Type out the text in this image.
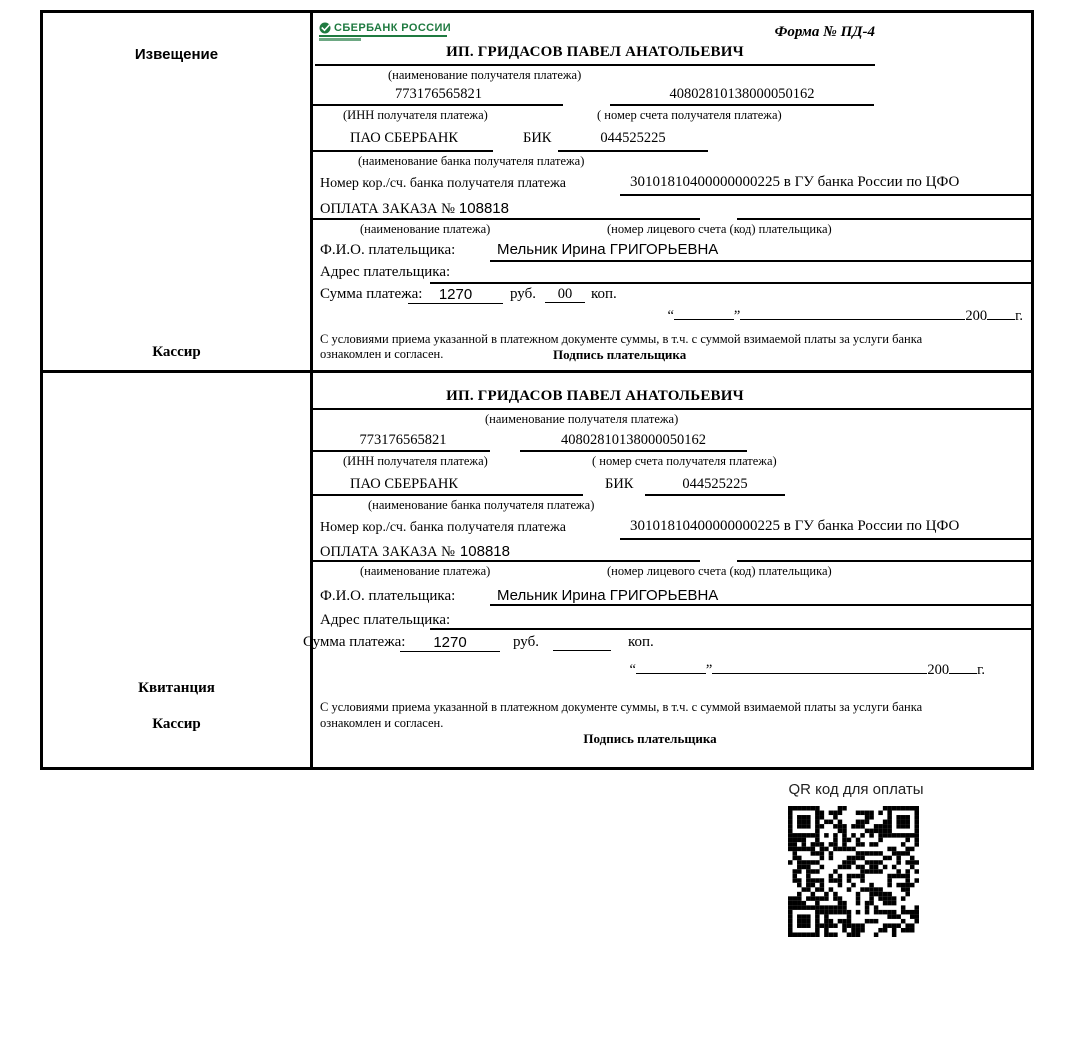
Извещение
Кассир
Квитанция
Кассир
СБЕРБАНК РОССИИ	Форма № ПД-4
ИП. ГРИДАСОВ ПАВЕЛ АНАТОЛЬЕВИЧ
(наименование получателя платежа)
773176565821	40802810138000050162
(ИНН получателя платежа)	( номер счета получателя платежа)
ПАО СБЕРБАНК	БИК	044525225
(наименование банка получателя платежа)
Номер кор./сч. банка получателя платежа	30101810400000000225 в ГУ банка России по ЦФО
ОПЛАТА ЗАКАЗА № 108818
(наименование платежа)	(номер лицевого счета (код) плательщика)
Ф.И.О. плательщика:	Мельник Ирина ГРИГОРЬЕВНА
Адрес плательщика:
Сумма платежа:	1270	руб.	00	коп.
“	”	200 г.
С условиями приема указанной в платежном документе суммы, в т.ч. с суммой взимаемой платы за услуги банка
ознакомлен и согласен.	Подпись плательщика
ИП. ГРИДАСОВ ПАВЕЛ АНАТОЛЬЕВИЧ
(наименование получателя платежа)
773176565821	40802810138000050162
(ИНН получателя платежа)	( номер счета получателя платежа)
ПАО СБЕРБАНК	БИК	044525225
(наименование банка получателя платежа)
Номер кор./сч. банка получателя платежа	30101810400000000225 в ГУ банка России по ЦФО
ОПЛАТА ЗАКАЗА № 108818
(наименование платежа)	(номер лицевого счета (код) плательщика)
Ф.И.О. плательщика:	Мельник Ирина ГРИГОРЬЕВНА
Адрес плательщика:
Сумма платежа:	1270	руб.	коп.
“	”	200 г.
С условиями приема указанной в платежном документе суммы, в т.ч. с суммой взимаемой платы за услуги банка
ознакомлен и согласен.
Подпись плательщика
QR код для оплаты
